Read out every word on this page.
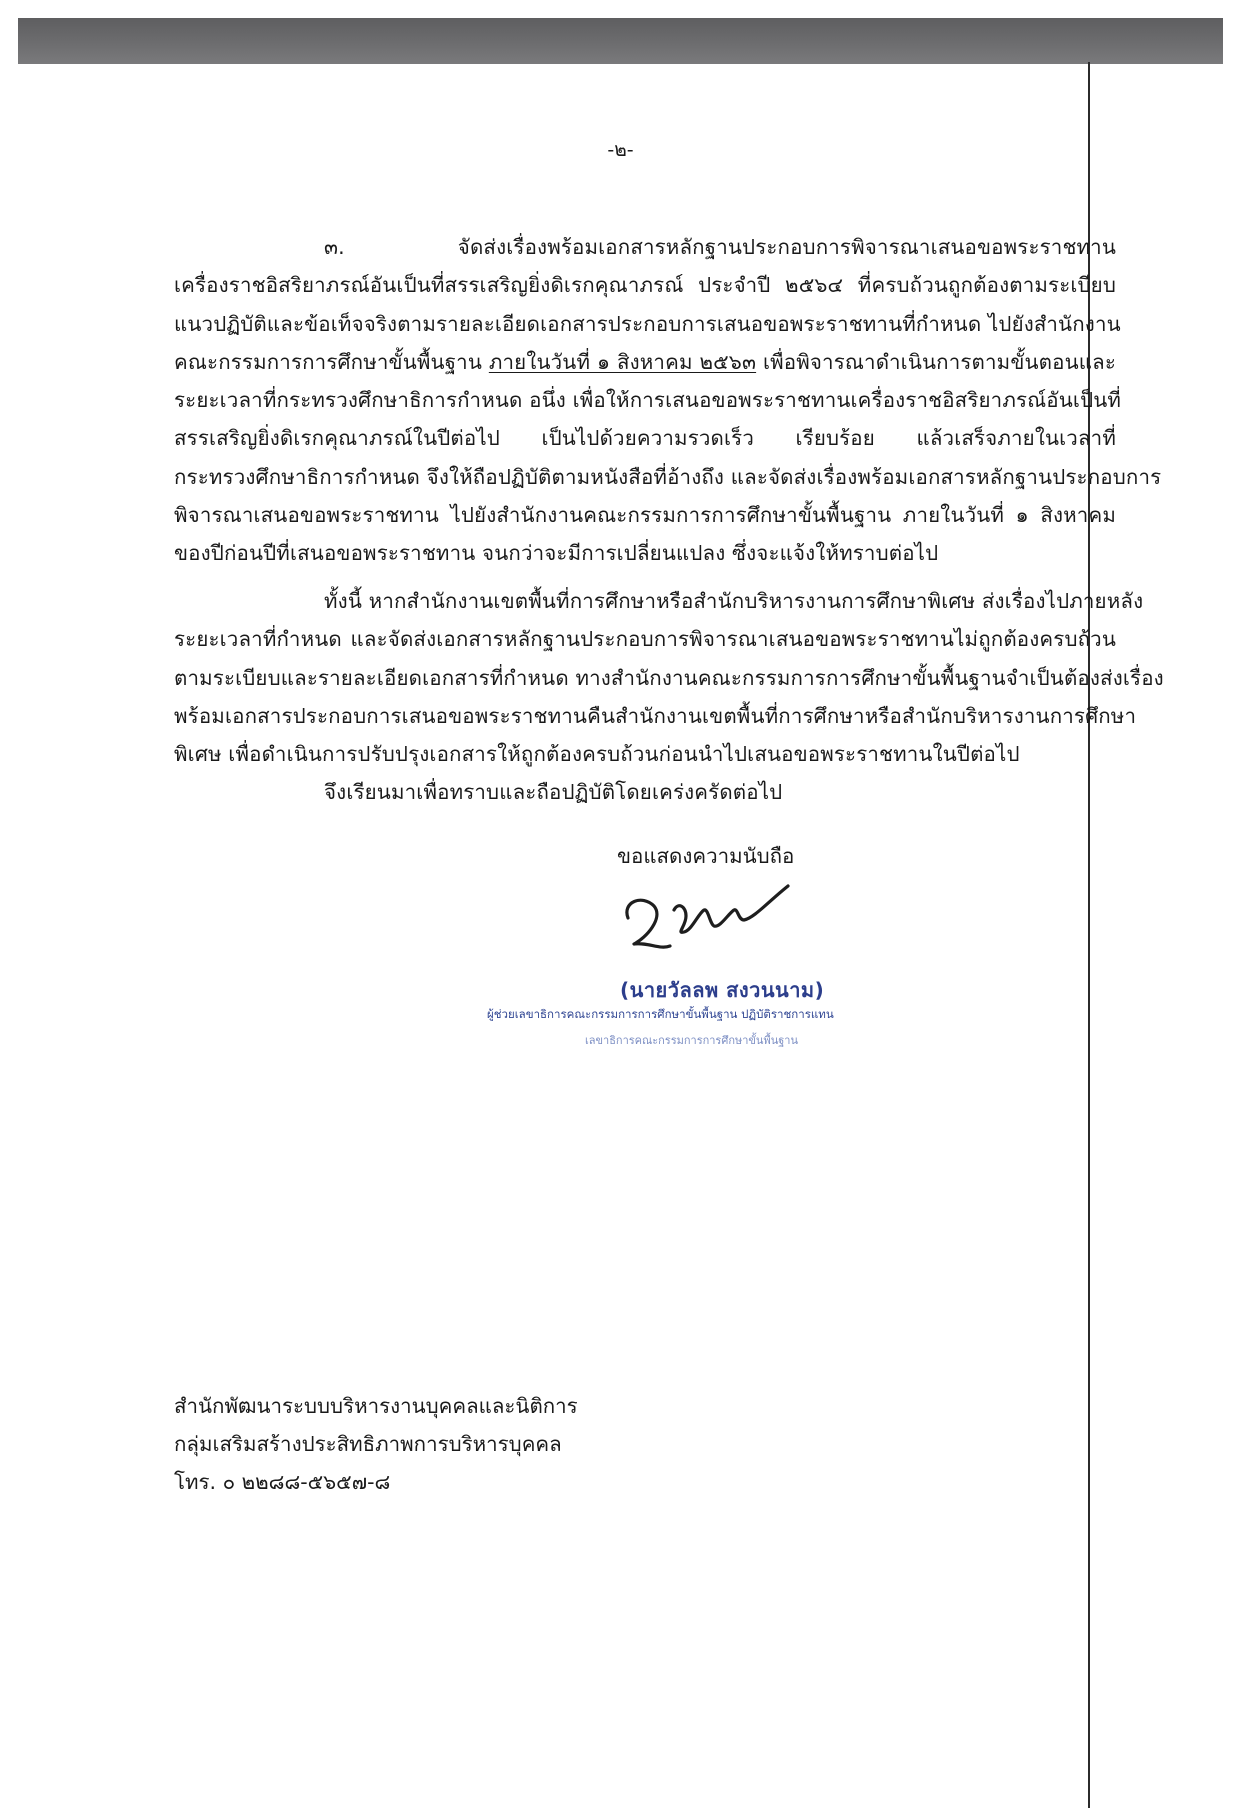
-๒-
๓. จัดส่งเรื่องพร้อมเอกสารหลักฐานประกอบการพิจารณาเสนอขอพระราชทาน
เครื่องราชอิสริยาภรณ์อันเป็นที่สรรเสริญยิ่งดิเรกคุณาภรณ์ ประจำปี ๒๕๖๔ ที่ครบถ้วนถูกต้องตามระเบียบ
แนวปฏิบัติและข้อเท็จจริงตามรายละเอียดเอกสารประกอบการเสนอขอพระราชทานที่กำหนด ไปยังสำนักงาน
คณะกรรมการการศึกษาขั้นพื้นฐาน ภายในวันที่ ๑ สิงหาคม ๒๕๖๓ เพื่อพิจารณาดำเนินการตามขั้นตอนและ
ระยะเวลาที่กระทรวงศึกษาธิการกำหนด อนึ่ง เพื่อให้การเสนอขอพระราชทานเครื่องราชอิสริยาภรณ์อันเป็นที่
สรรเสริญยิ่งดิเรกคุณาภรณ์ในปีต่อไป เป็นไปด้วยความรวดเร็ว เรียบร้อย แล้วเสร็จภายในเวลาที่
กระทรวงศึกษาธิการกำหนด จึงให้ถือปฏิบัติตามหนังสือที่อ้างถึง และจัดส่งเรื่องพร้อมเอกสารหลักฐานประกอบการ
พิจารณาเสนอขอพระราชทาน ไปยังสำนักงานคณะกรรมการการศึกษาขั้นพื้นฐาน ภายในวันที่ ๑ สิงหาคม
ของปีก่อนปีที่เสนอขอพระราชทาน จนกว่าจะมีการเปลี่ยนแปลง ซึ่งจะแจ้งให้ทราบต่อไป
ทั้งนี้ หากสำนักงานเขตพื้นที่การศึกษาหรือสำนักบริหารงานการศึกษาพิเศษ ส่งเรื่องไปภายหลัง
ระยะเวลาที่กำหนด และจัดส่งเอกสารหลักฐานประกอบการพิจารณาเสนอขอพระราชทานไม่ถูกต้องครบถ้วน
ตามระเบียบและรายละเอียดเอกสารที่กำหนด ทางสำนักงานคณะกรรมการการศึกษาขั้นพื้นฐานจำเป็นต้องส่งเรื่อง
พร้อมเอกสารประกอบการเสนอขอพระราชทานคืนสำนักงานเขตพื้นที่การศึกษาหรือสำนักบริหารงานการศึกษา
พิเศษ เพื่อดำเนินการปรับปรุงเอกสารให้ถูกต้องครบถ้วนก่อนนำไปเสนอขอพระราชทานในปีต่อไป
จึงเรียนมาเพื่อทราบและถือปฏิบัติโดยเคร่งครัดต่อไป
ขอแสดงความนับถือ
(นายวัลลพ สงวนนาม)
ผู้ช่วยเลขาธิการคณะกรรมการการศึกษาขั้นพื้นฐาน ปฏิบัติราชการแทน
เลขาธิการคณะกรรมการการศึกษาขั้นพื้นฐาน
สำนักพัฒนาระบบบริหารงานบุคคลและนิติการ
กลุ่มเสริมสร้างประสิทธิภาพการบริหารบุคคล
โทร. ๐ ๒๒๘๘-๕๖๕๗-๘
